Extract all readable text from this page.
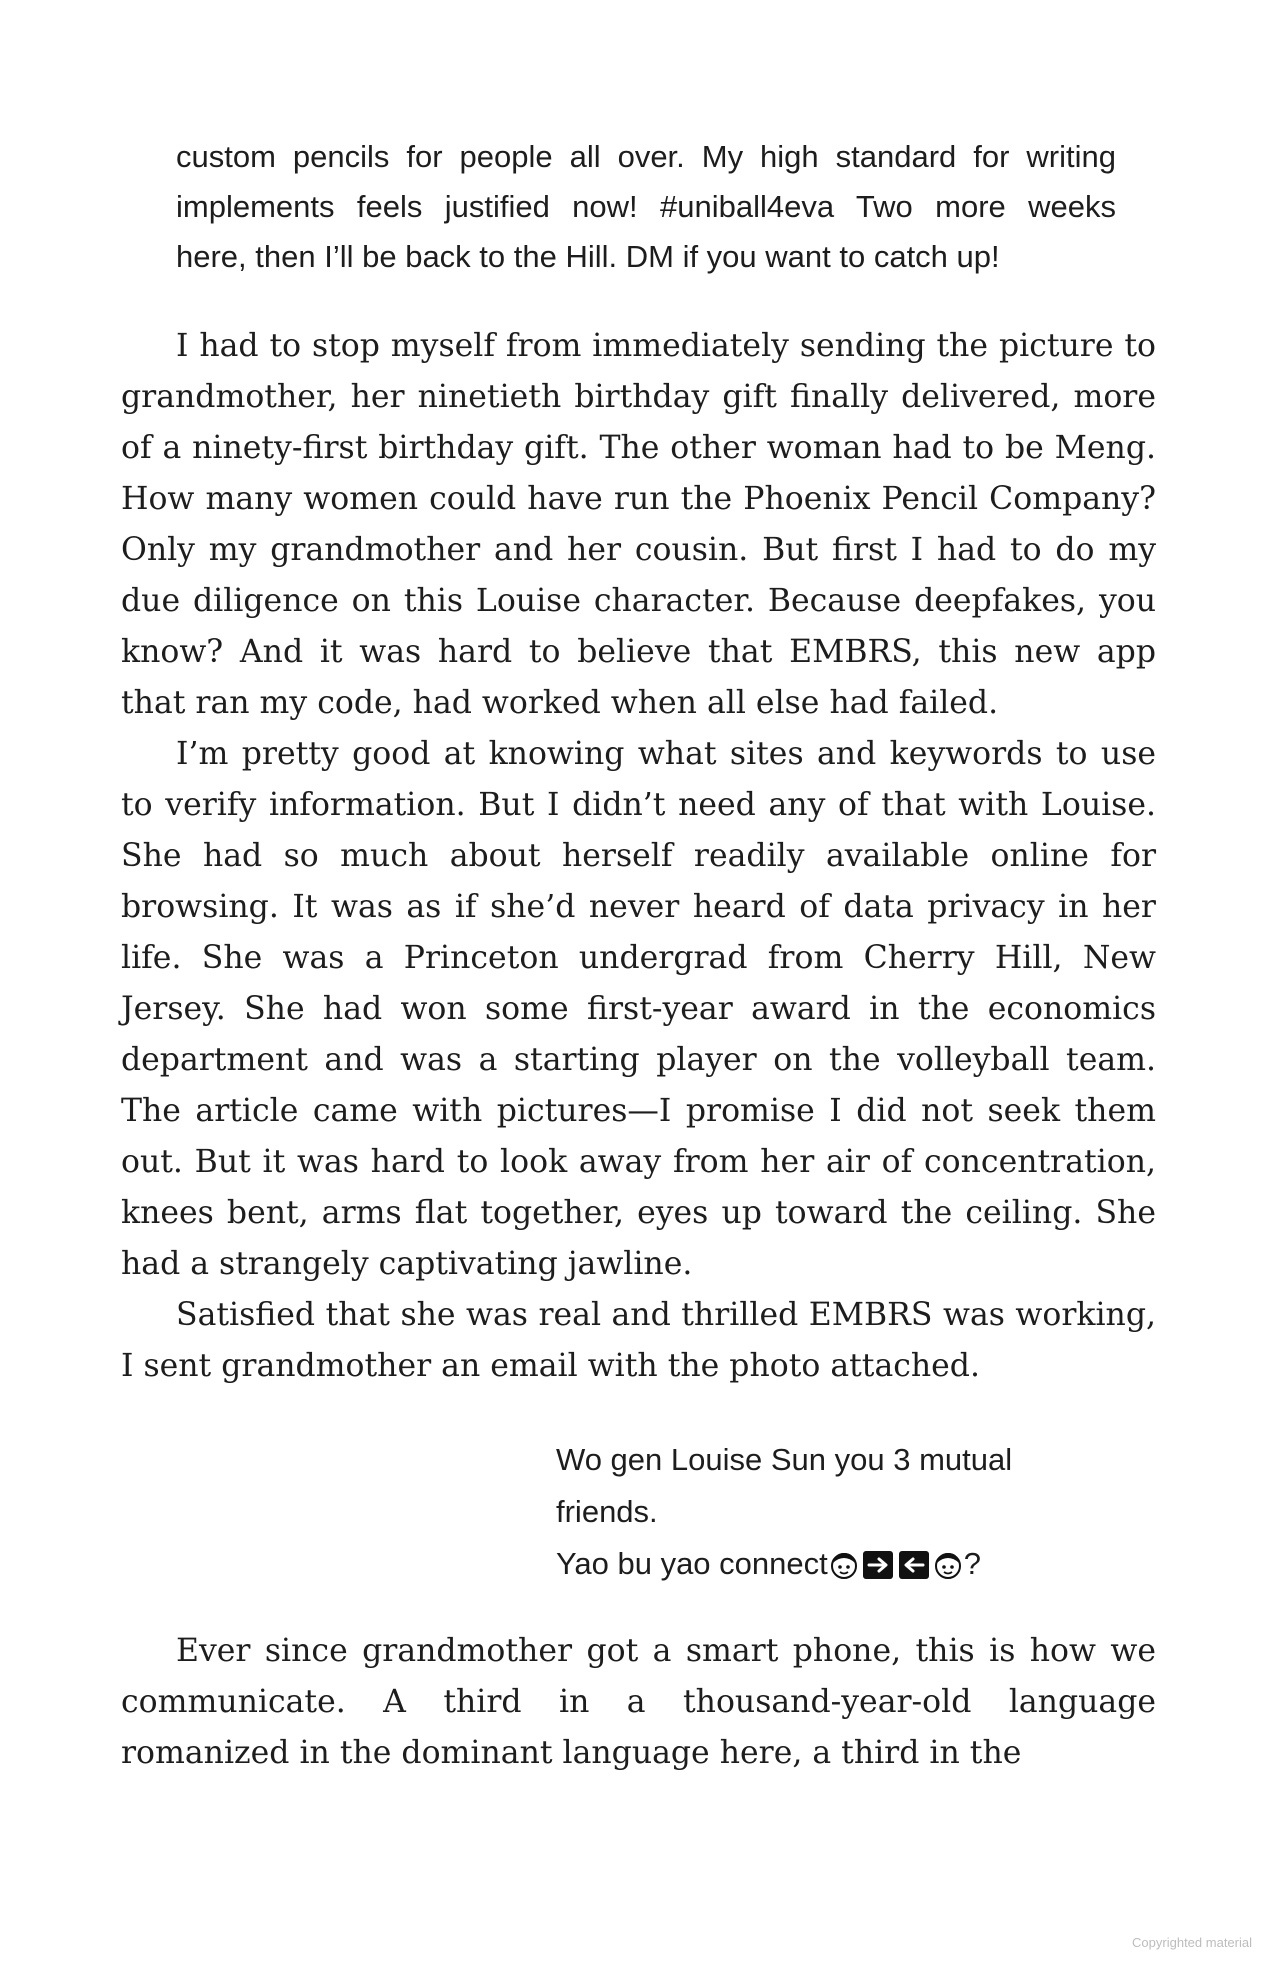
custom pencils for people all over. My high standard for writing
implements feels justified now! #uniball4eva Two more weeks
here, then I’ll be back to the Hill. DM if you want to catch up!

I had to stop myself from immediately sending the picture to grandmother, her ninetieth birthday gift finally delivered, more of a ninety-first birthday gift. The other woman had to be Meng. How many women could have run the Phoenix Pencil Company? Only my grandmother and her cousin. But first I had to do my due diligence on this Louise character. Because deepfakes, you know? And it was hard to believe that EMBRS, this new app that ran my code, had worked when all else had failed.

I’m pretty good at knowing what sites and keywords to use to verify information. But I didn’t need any of that with Louise. She had so much about herself readily available online for browsing. It was as if she’d never heard of data privacy in her life. She was a Princeton undergrad from Cherry Hill, New Jersey. She had won some first-year award in the economics department and was a starting player on the volleyball team. The article came with pictures—I promise I did not seek them out. But it was hard to look away from her air of concentration, knees bent, arms flat together, eyes up toward the ceiling. She had a strangely captivating jawline.

Satisfied that she was real and thrilled EMBRS was working, I sent grandmother an email with the photo attached.

Wo gen Louise Sun you 3 mutual
friends.
Yao bu yao connect	?

Ever since grandmother got a smart phone, this is how we communicate. A third in a thousand-year-old language romanized in the dominant language here, a third in the

Copyrighted material
